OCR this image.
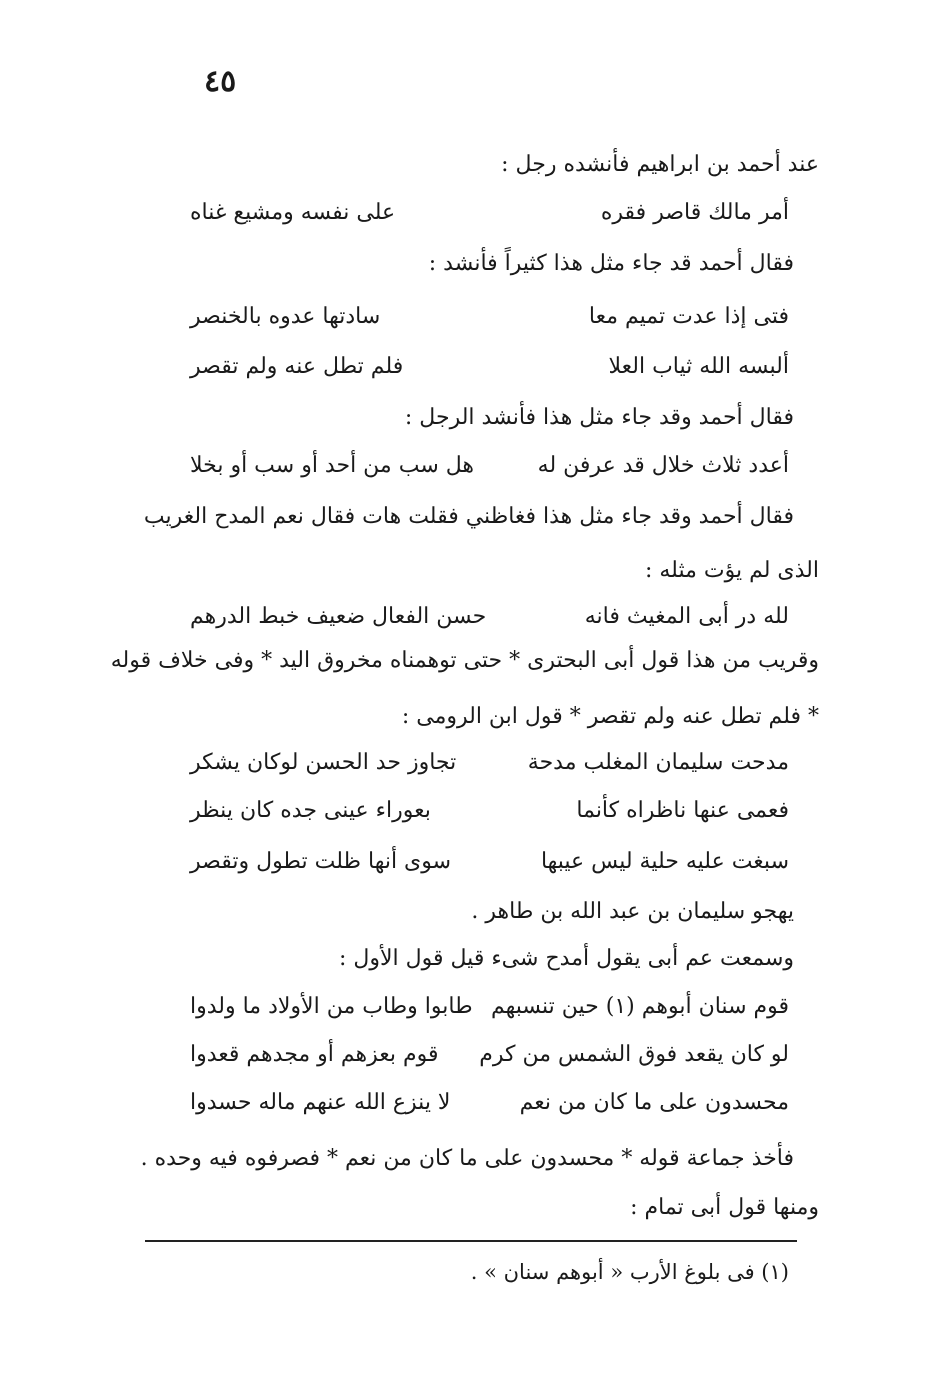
٤٥
عند أحمد بن ابراهيم فأنشده رجل :
أمر مالك قاصر فقره
على نفسه ومشيع غناه
فقال أحمد قد جاء مثل هذا كثيراً فأنشد :
فتى إذا عدت تميم معا
سادتها عدوه بالخنصر
ألبسه الله ثياب العلا
فلم تطل عنه ولم تقصر
فقال أحمد وقد جاء مثل هذا فأنشد الرجل :
أعدد ثلاث خلال قد عرفن له
هل سب من أحد أو سب أو بخلا
فقال أحمد وقد جاء مثل هذا فغاظني فقلت هات فقال نعم المدح الغريب
الذى لم يؤت مثله :
لله در أبى المغيث فانه
حسن الفعال ضعيف خبط الدرهم
وقريب من هذا قول أبى البحترى * حتى توهمناه مخروق اليد * وفى خلاف قوله
* فلم تطل عنه ولم تقصر * قول ابن الرومى :
مدحت سليمان المغلب مدحة
تجاوز حد الحسن لوكان يشكر
فعمى عنها ناظراه كأنما
بعوراء عينى جده كان ينظر
سبغت عليه حلية ليس عيبها
سوى أنها ظلت تطول وتقصر
يهجو سليمان بن عبد الله بن طاهر .
وسمعت عم أبى يقول أمدح شىء قيل قول الأول :
قوم سنان أبوهم (١) حين تنسبهم
طابوا وطاب من الأولاد ما ولدوا
لو كان يقعد فوق الشمس من كرم
قوم بعزهم أو مجدهم قعدوا
محسدون على ما كان من نعم
لا ينزع الله عنهم ماله حسدوا
فأخذ جماعة قوله * محسدون على ما كان من نعم * فصرفوه فيه وحده .
ومنها قول أبى تمام :
(١) فى بلوغ الأرب « أبوهم سنان » .
